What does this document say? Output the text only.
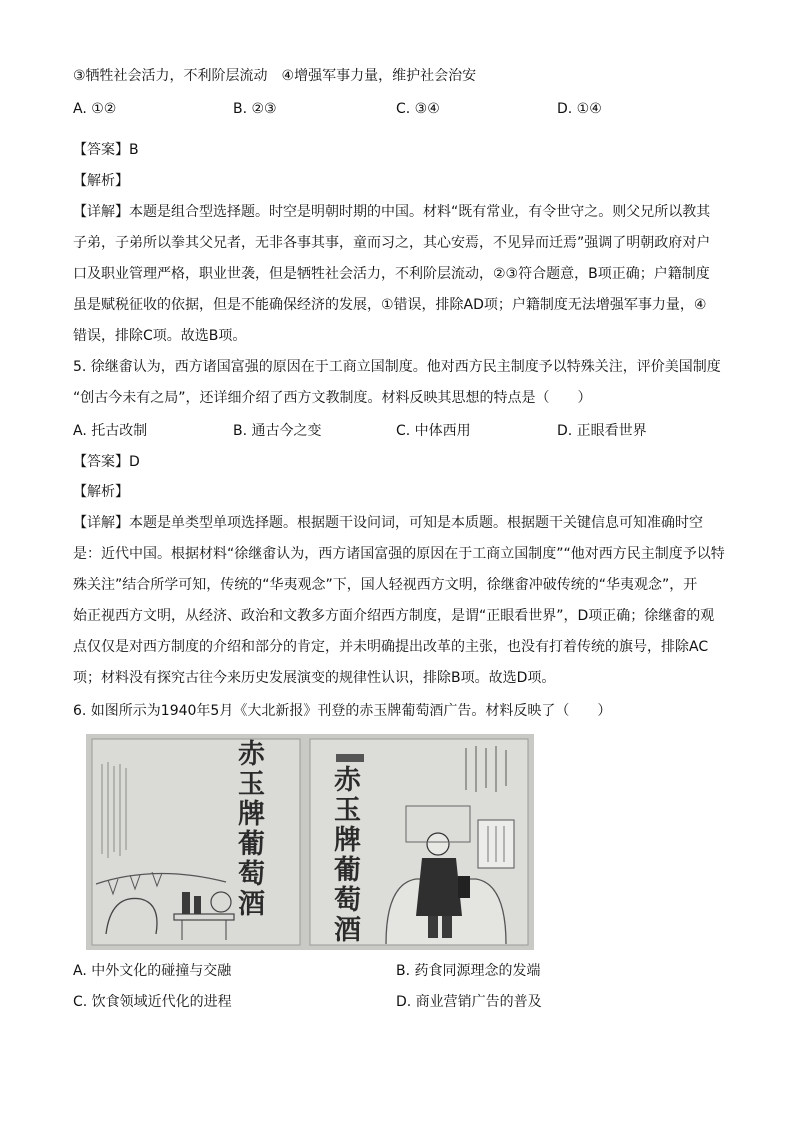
③牺牲社会活力，不利阶层流动　④增强军事力量，维护社会治安
A. ①②	B. ②③	C. ③④	D. ①④
【答案】B
【解析】
【详解】本题是组合型选择题。时空是明朝时期的中国。材料“既有常业，有令世守之。则父兄所以教其
子弟，子弟所以拳其父兄者，无非各事其事，童而习之，其心安焉，不见异而迁焉”强调了明朝政府对户
口及职业管理严格，职业世袭，但是牺牲社会活力，不利阶层流动，②③符合题意，B项正确；户籍制度
虽是赋税征收的依据，但是不能确保经济的发展，①错误，排除AD项；户籍制度无法增强军事力量，④
错误，排除C项。故选B项。
5. 徐继畬认为，西方诸国富强的原因在于工商立国制度。他对西方民主制度予以特殊关注，评价美国制度
“创古今未有之局”，还详细介绍了西方文教制度。材料反映其思想的特点是（　　）
A. 托古改制	B. 通古今之变	C. 中体西用	D. 正眼看世界
【答案】D
【解析】
【详解】本题是单类型单项选择题。根据题干设问词，可知是本质题。根据题干关键信息可知准确时空
是：近代中国。根据材料“徐继畬认为，西方诸国富强的原因在于工商立国制度”“他对西方民主制度予以特
殊关注”结合所学可知，传统的“华夷观念”下，国人轻视西方文明，徐继畬冲破传统的“华夷观念”，开
始正视西方文明，从经济、政治和文教多方面介绍西方制度，是谓“正眼看世界”，D项正确；徐继畬的观
点仅仅是对西方制度的介绍和部分的肯定，并未明确提出改革的主张，也没有打着传统的旗号，排除AC
项；材料没有探究古往今来历史发展演变的规律性认识，排除B项。故选D项。
6. 如图所示为1940年5月《大北新报》刊登的赤玉牌葡萄酒广告。材料反映了（　　）
赤
玉
牌
葡
萄
酒
赤
玉
牌
葡
萄
酒
A. 中外文化的碰撞与交融	B. 药食同源理念的发端
C. 饮食领域近代化的进程	D. 商业营销广告的普及
